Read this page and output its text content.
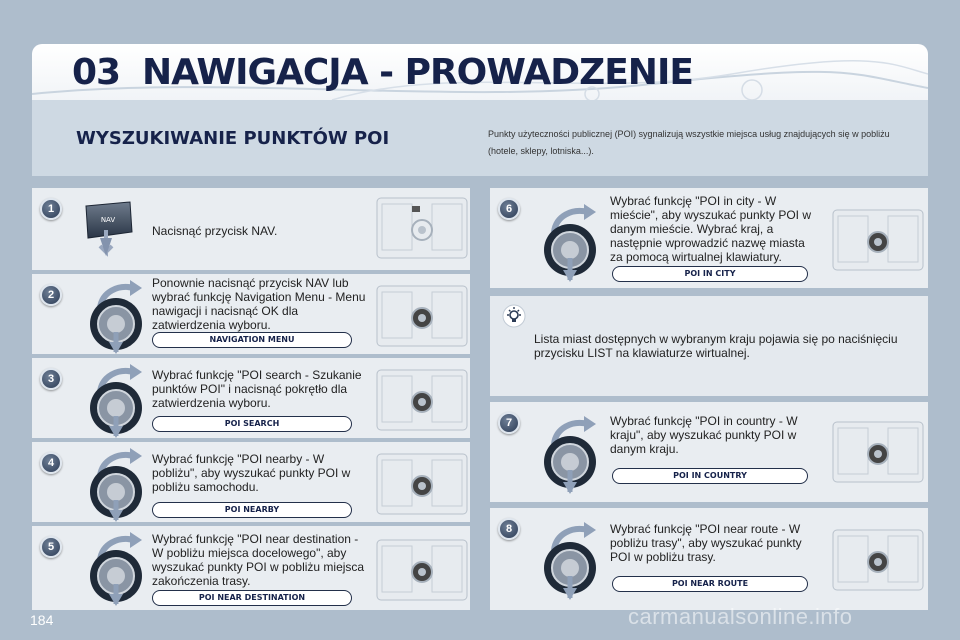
03 NAWIGACJA - PROWADZENIE
WYSZUKIWANIE PUNKTÓW POI	Punkty użyteczności publicznej (POI) sygnalizują wszystkie miejsca usług znajdujących się w pobliżu (hotele, sklepy, lotniska...).
1
NAV
Nacisnąć przycisk NAV.
2
Ponownie nacisnąć przycisk NAV lub wybrać funkcję Navigation Menu - Menu nawigacji i nacisnąć OK dla zatwierdzenia wyboru.
NAVIGATION MENU
3	Wybrać funkcję "POI search - Szukanie punktów POI" i nacisnąć pokrętło dla zatwierdzenia wyboru.
POI SEARCH
4	Wybrać funkcję "POI nearby - W pobliżu", aby wyszukać punkty POI w pobliżu samochodu.
POI NEARBY
5
Wybrać funkcję "POI near destination - W pobliżu miejsca docelowego", aby wyszukać punkty POI w pobliżu miejsca zakończenia trasy.
POI NEAR DESTINATION
6
Wybrać funkcję "POI in city - W mieście", aby wyszukać punkty POI w danym mieście. Wybrać kraj, a następnie wprowadzić nazwę miasta za pomocą wirtualnej klawiatury.
POI IN CITY
Lista miast dostępnych w wybranym kraju pojawia się po naciśnięciu przycisku LIST na klawiaturze wirtualnej.
7	Wybrać funkcję "POI in country - W kraju", aby wyszukać punkty POI w danym kraju.
POI IN COUNTRY
8	Wybrać funkcję "POI near route - W pobliżu trasy", aby wyszukać punkty POI w pobliżu trasy.
POI NEAR ROUTE
184	carmanualsonline.info
